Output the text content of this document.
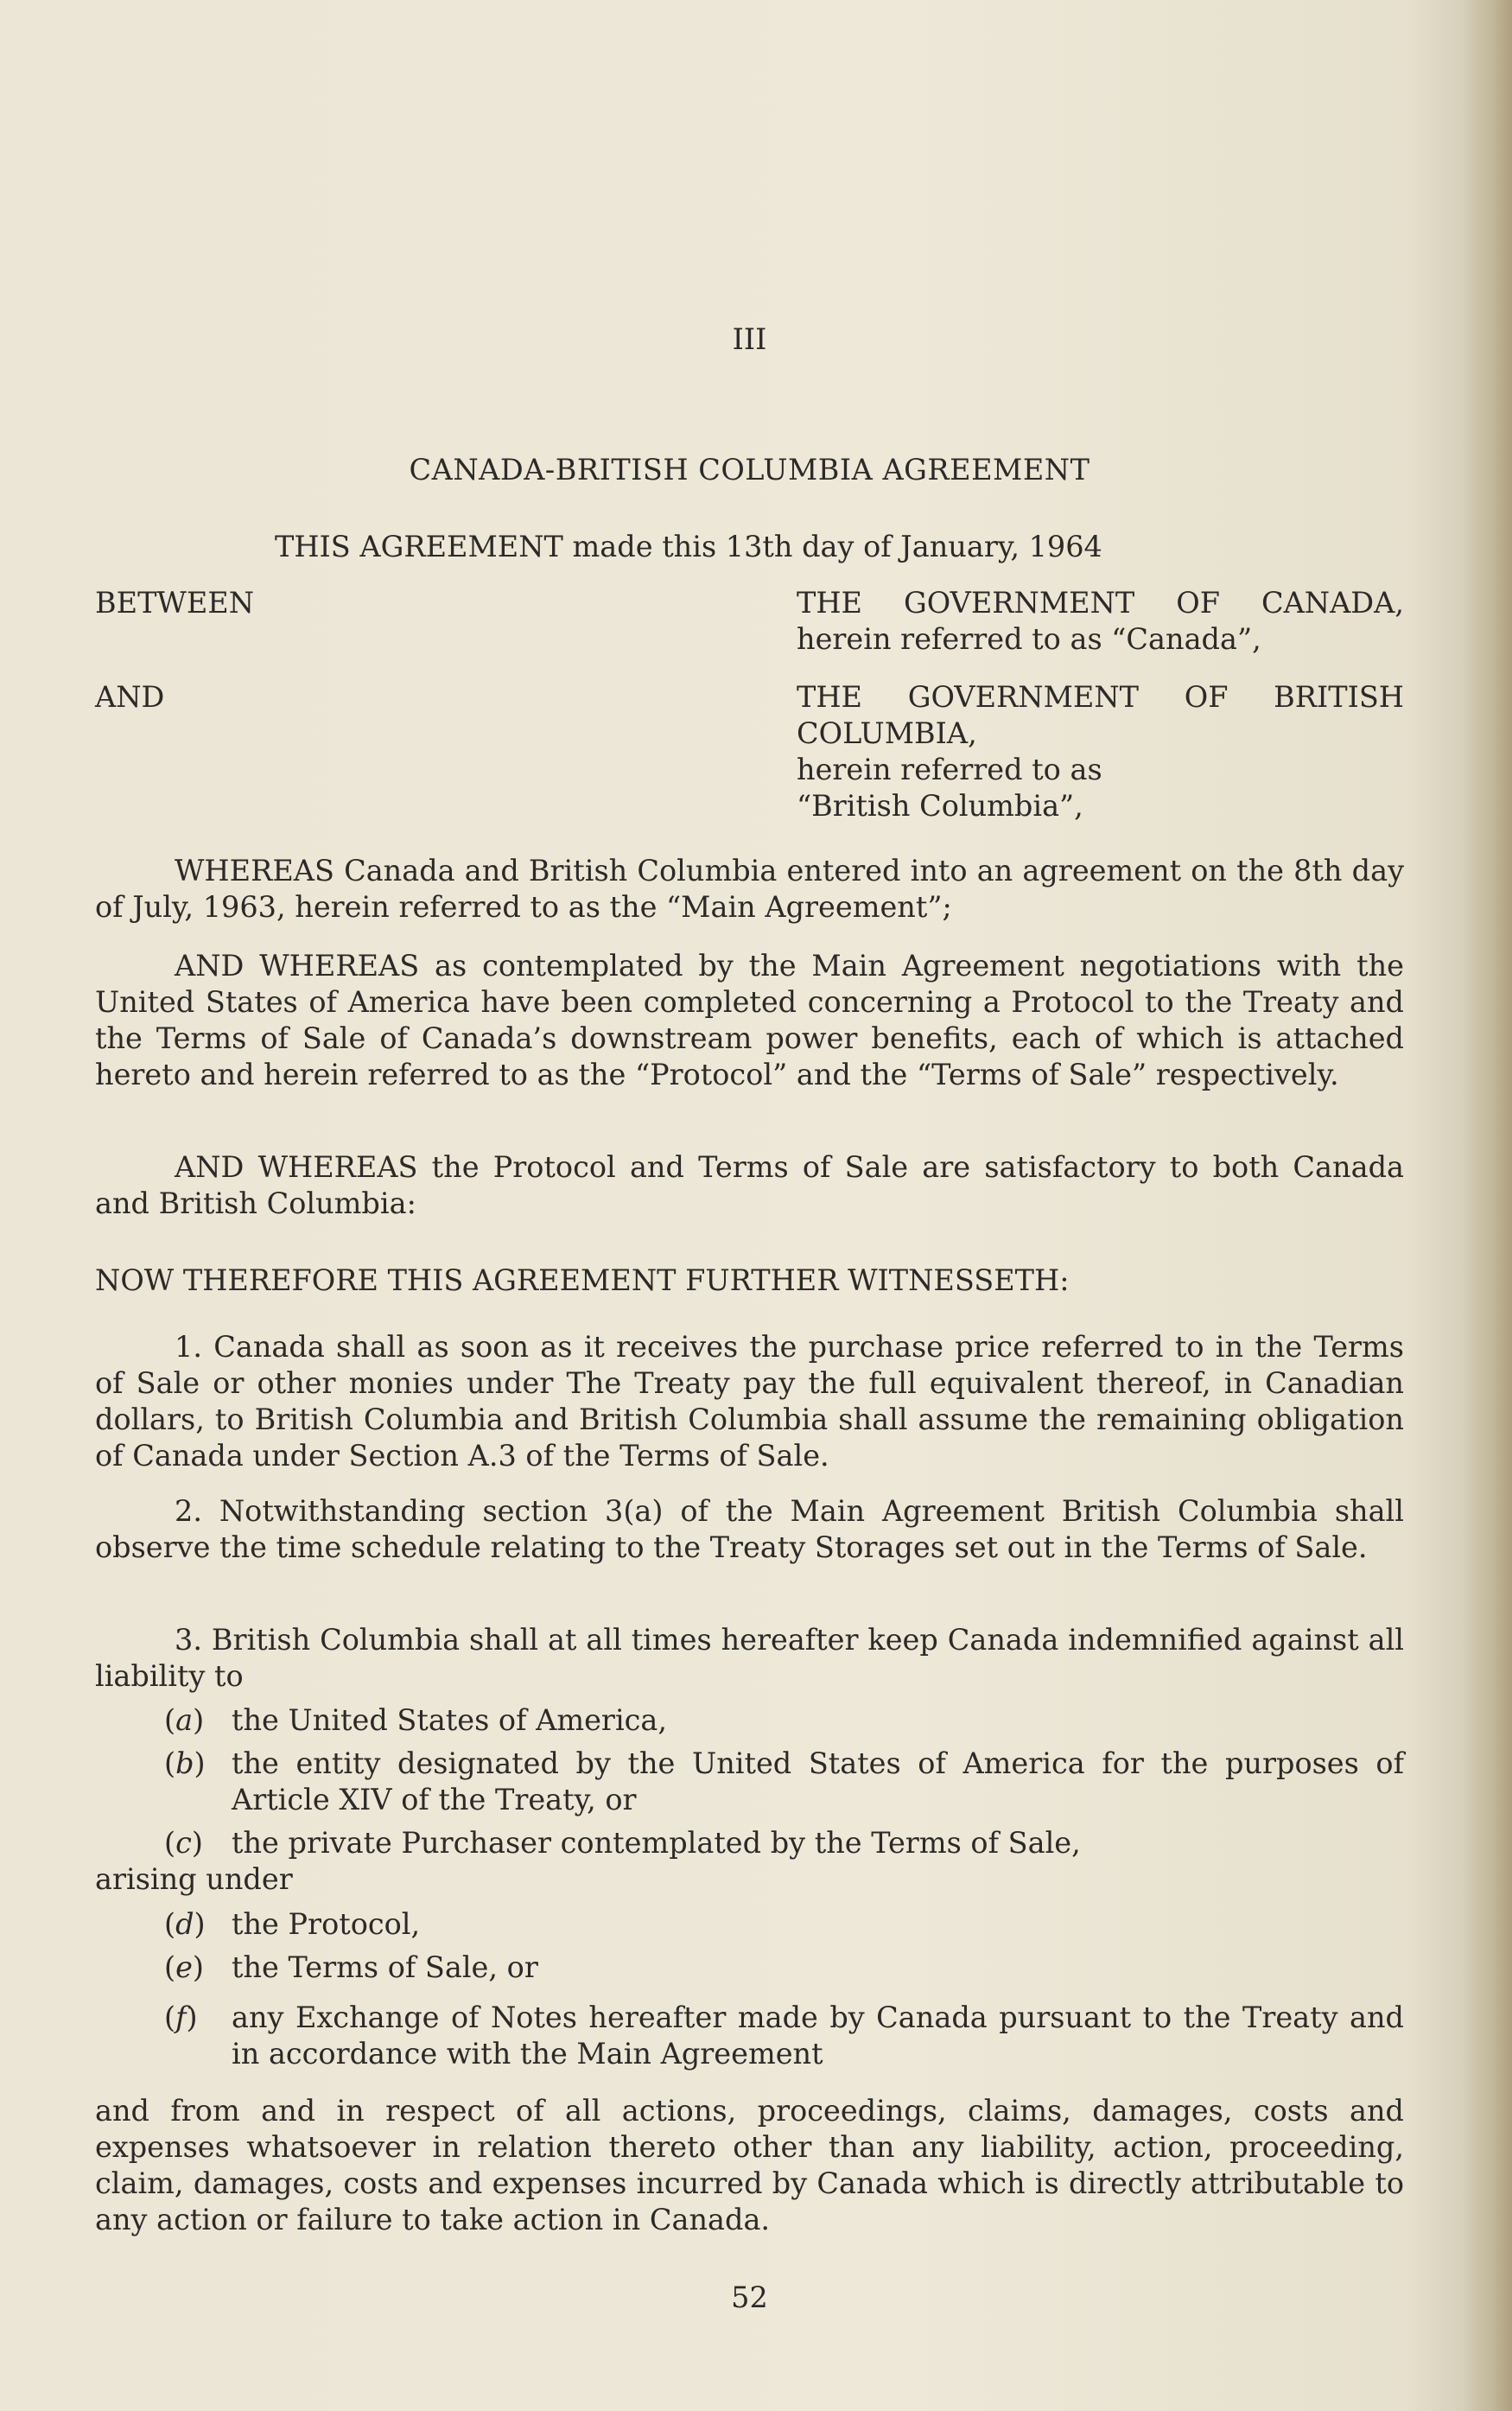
III
CANADA-BRITISH COLUMBIA AGREEMENT
THIS AGREEMENT made this 13th day of January, 1964
BETWEEN	THE GOVERNMENT OF CANADA,
herein referred to as “Canada”,
AND	THE GOVERNMENT OF BRITISH
COLUMBIA,
herein referred to as
“British Columbia”,
WHEREAS Canada and British Columbia entered into an agreement on the 8th day of July, 1963, herein referred to as the “Main Agreement”;
AND WHEREAS as contemplated by the Main Agreement negotiations with the United States of America have been completed concerning a Protocol to the Treaty and the Terms of Sale of Canada’s downstream power benefits, each of which is attached hereto and herein referred to as the “Protocol” and the “Terms of Sale” respectively.
AND WHEREAS the Protocol and Terms of Sale are satisfactory to both Canada and British Columbia:
NOW THEREFORE THIS AGREEMENT FURTHER WITNESSETH:
1. Canada shall as soon as it receives the purchase price referred to in the Terms of Sale or other monies under The Treaty pay the full equivalent thereof, in Canadian dollars, to British Columbia and British Columbia shall assume the remaining obligation of Canada under Section A.3 of the Terms of Sale.
2. Notwithstanding section 3(a) of the Main Agreement British Columbia shall observe the time schedule relating to the Treaty Storages set out in the Terms of Sale.
3. British Columbia shall at all times hereafter keep Canada indemnified against all liability to
(a) the United States of America,
(b) the entity designated by the United States of America for the purposes of Article XIV of the Treaty, or
(c) the private Purchaser contemplated by the Terms of Sale,
arising under
(d) the Protocol,
(e) the Terms of Sale, or
(f) any Exchange of Notes hereafter made by Canada pursuant to the Treaty and in accordance with the Main Agreement
and from and in respect of all actions, proceedings, claims, damages, costs and expenses whatsoever in relation thereto other than any liability, action, proceeding, claim, damages, costs and expenses incurred by Canada which is directly attributable to any action or failure to take action in Canada.
52
